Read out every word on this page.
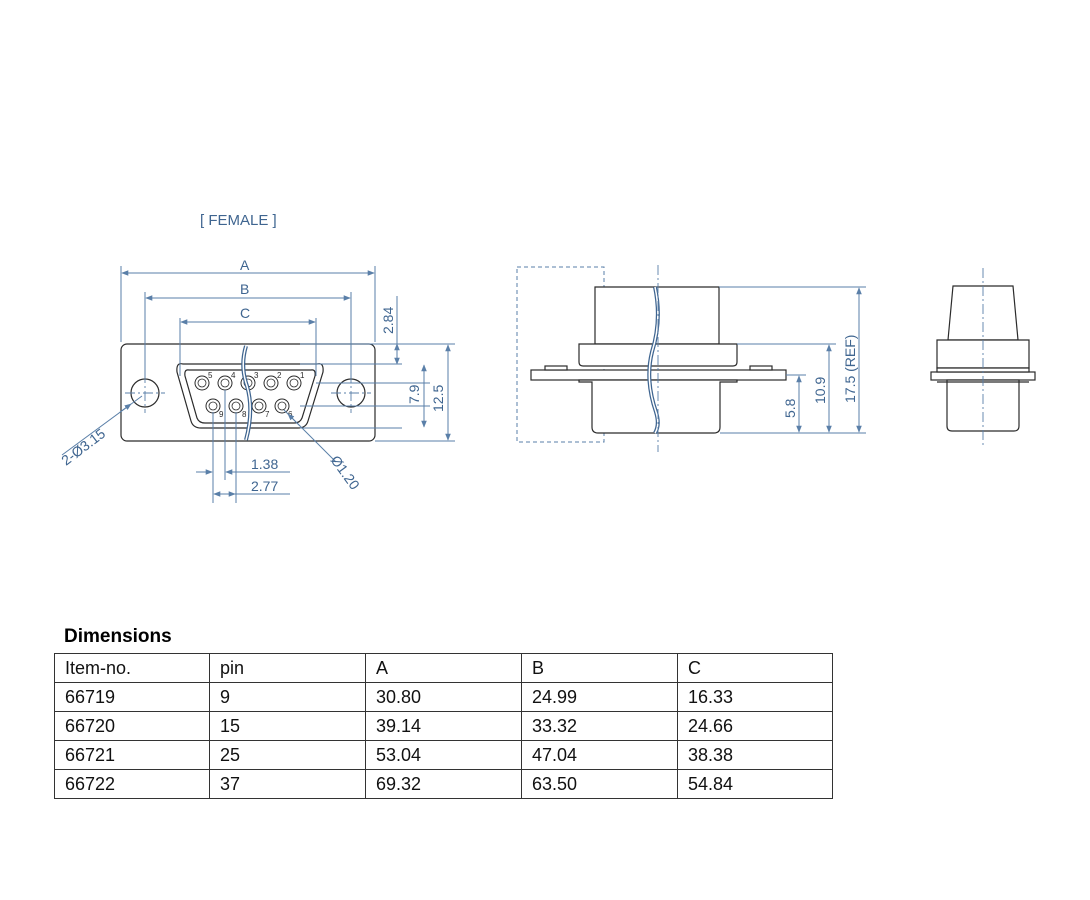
[ FEMALE ]
5 4 3 2 1
9 8 7 6
A
B
C	2.84
7.9 12.5
2-Ø3.15
Ø1.20
1.38
2.77
5.8
10.9 17.5 (REF)
Dimensions
Item-no.	pin	A	B	C
66719	9	30.80	24.99	16.33
66720	15	39.14	33.32	24.66
66721	25	53.04	47.04	38.38
66722	37	69.32	63.50	54.84
